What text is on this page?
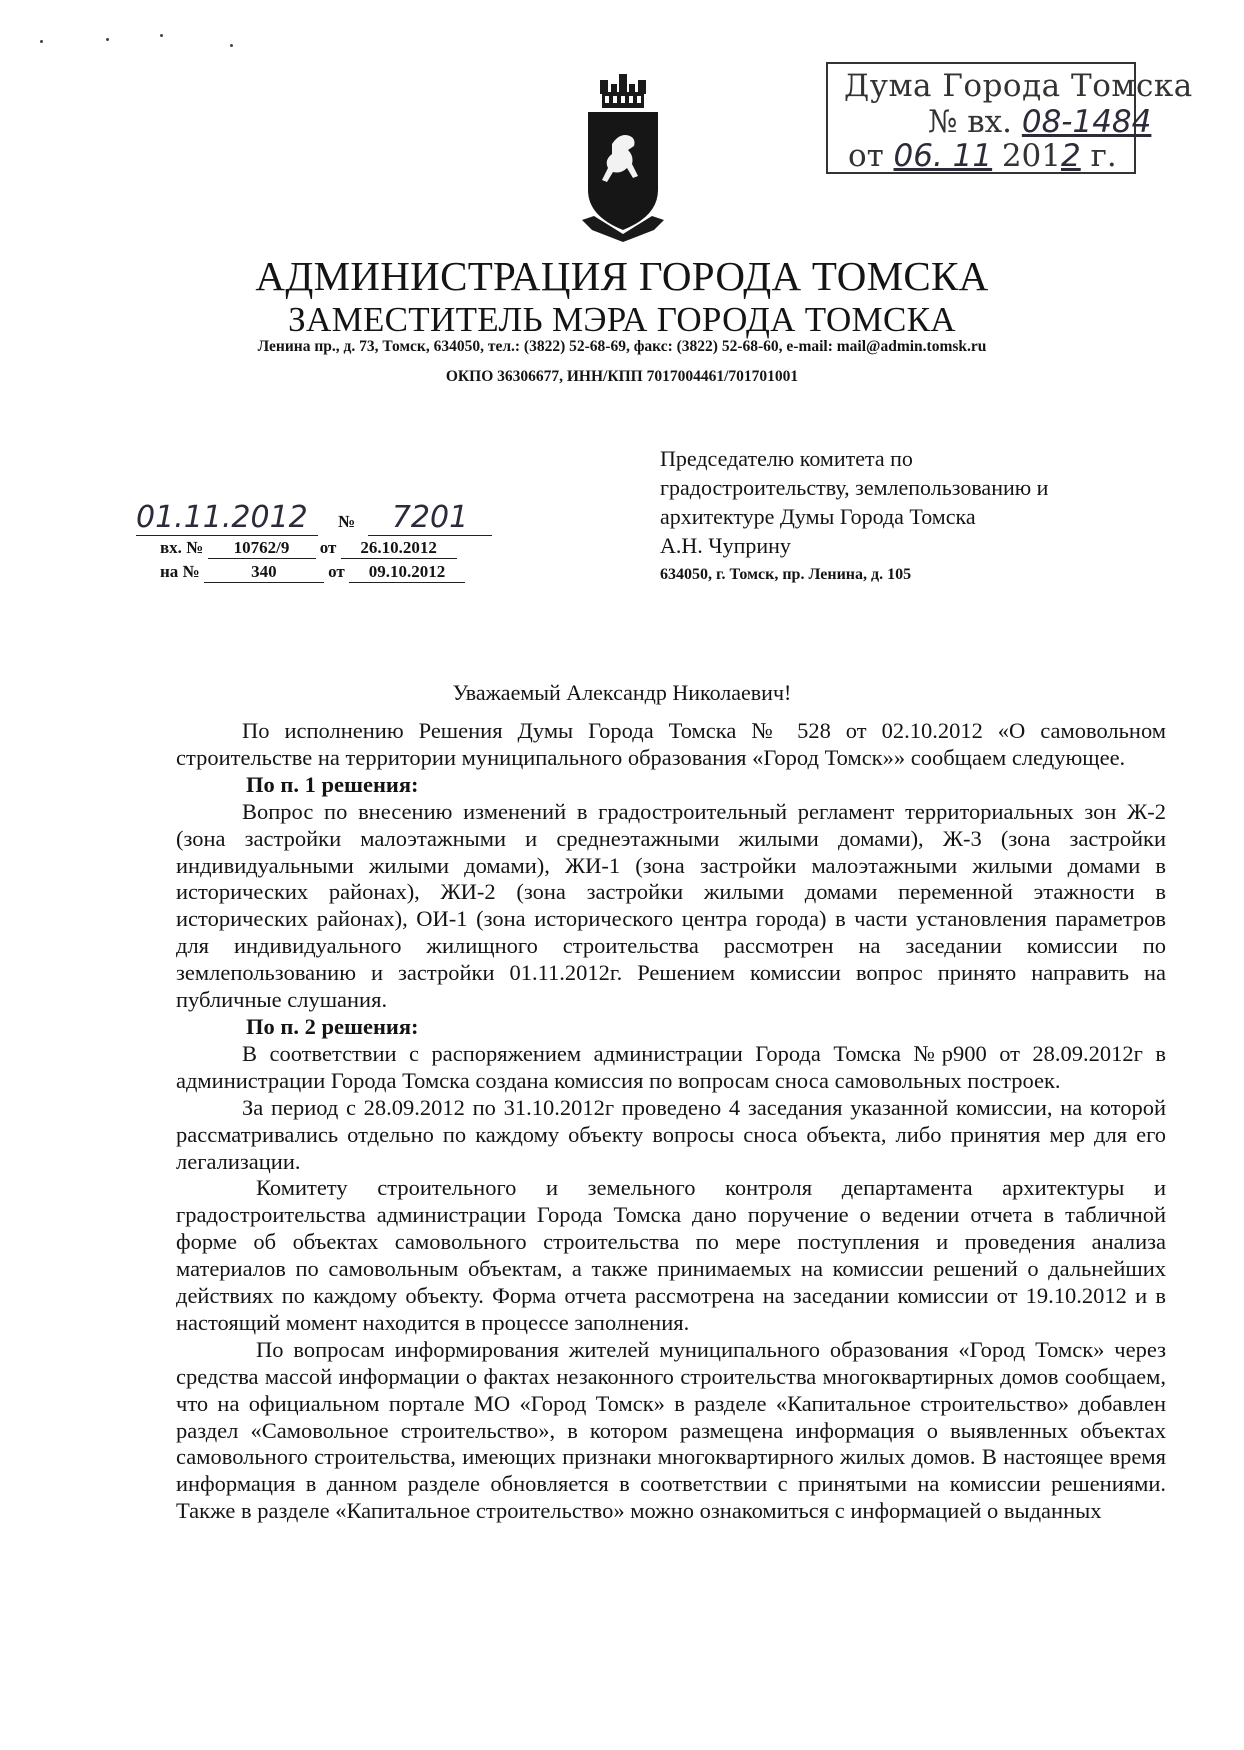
Дума Города Томска
№ вх. 08-1484
от 06. 11 2012 г.
АДМИНИСТРАЦИЯ ГОРОДА ТОМСКА
ЗАМЕСТИТЕЛЬ МЭРА ГОРОДА ТОМСКА
Ленина пр., д. 73, Томск, 634050, тел.: (3822) 52-68-69, факс: (3822) 52-68-60, e-mail: mail@admin.tomsk.ru
ОКПО 36306677, ИНН/КПП 7017004461/701701001
Председателю комитета по
градостроительству, землепользованию и
архитектуре Думы Города Томска
А.Н. Чуприну
634050, г. Томск, пр. Ленина, д. 105
01.11.2012	№	7201
вх. № 10762/9 от 26.10.2012
на №	340	от 09.10.2012
Уважаемый Александр Николаевич!

По исполнению Решения Думы Города Томска № 528 от 02.10.2012 «О самовольном строительстве на территории муниципального образования «Город Томск»» сообщаем следующее.

По п. 1 решения:

Вопрос по внесению изменений в градостроительный регламент территориальных зон Ж-2 (зона застройки малоэтажными и среднеэтажными жилыми домами), Ж-3 (зона застройки индивидуальными жилыми домами), ЖИ-1 (зона застройки малоэтажными жилыми домами в исторических районах), ЖИ-2 (зона застройки жилыми домами переменной этажности в исторических районах), ОИ-1 (зона исторического центра города) в части установления параметров для индивидуального жилищного строительства рассмотрен на заседании комиссии по землепользованию и застройки 01.11.2012г. Решением комиссии вопрос принято направить на публичные слушания.

По п. 2 решения:

В соответствии с распоряжением администрации Города Томска №р900 от 28.09.2012г в администрации Города Томска создана комиссия по вопросам сноса самовольных построек.

За период с 28.09.2012 по 31.10.2012г проведено 4 заседания указанной комиссии, на которой рассматривались отдельно по каждому объекту вопросы сноса объекта, либо принятия мер для его легализации.

Комитету строительного и земельного контроля департамента архитектуры и градостроительства администрации Города Томска дано поручение о ведении отчета в табличной форме об объектах самовольного строительства по мере поступления и проведения анализа материалов по самовольным объектам, а также принимаемых на комиссии решений о дальнейших действиях по каждому объекту. Форма отчета рассмотрена на заседании комиссии от 19.10.2012 и в настоящий момент находится в процессе заполнения.

По вопросам информирования жителей муниципального образования «Город Томск» через средства массой информации о фактах незаконного строительства многоквартирных домов сообщаем, что на официальном портале МО «Город Томск» в разделе «Капитальное строительство» добавлен раздел «Самовольное строительство», в котором размещена информация о выявленных объектах самовольного строительства, имеющих признаки многоквартирного жилых домов. В настоящее время информация в данном разделе обновляется в соответствии с принятыми на комиссии решениями. Также в разделе «Капитальное строительство» можно ознакомиться с информацией о выданных
